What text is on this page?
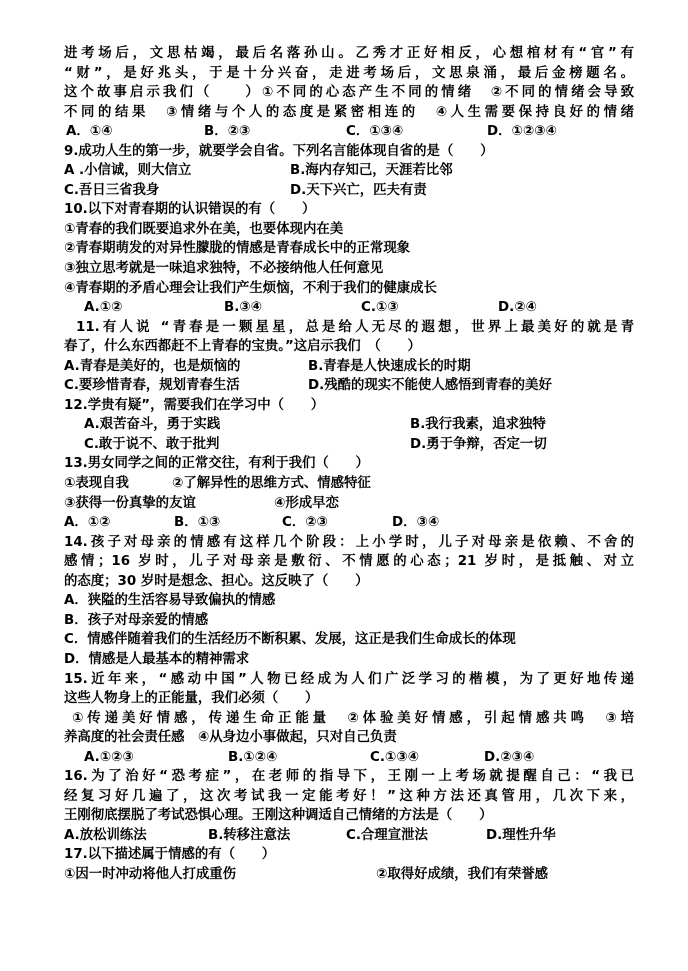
进考场后，文思枯竭，最后名落孙山。乙秀才正好相反，心想棺材有“官”有
“财”，是好兆头，于是十分兴奋，走进考场后，文思泉涌，最后金榜题名。
这个故事启示我们（　　）①不同的心态产生不同的情绪　②不同的情绪会导致
不同的结果　③情绪与个人的态度是紧密相连的　④人生需要保持良好的情绪
A．①④	B．②③	C．①③④	D．①②③④
9.成功人生的第一步，就要学会自省。下列名言能体现自省的是（　　）
A .小信诚，则大信立	B.海内存知己，天涯若比邻
C.吾日三省我身	D.天下兴亡，匹夫有责
10.以下对青春期的认识错误的有（　　）
①青春的我们既要追求外在美，也要体现内在美
②青春期萌发的对异性朦胧的情感是青春成长中的正常现象
③独立思考就是一味追求独特，不必接纳他人任何意见
④青春期的矛盾心理会让我们产生烦恼，不利于我们的健康成长
A.①②	B.③④	C.①③	D.②④
11.有人说 “青春是一颗星星，总是给人无尽的遐想，世界上最美好的就是青
春了，什么东西都赶不上青春的宝贵。”这启示我们　（　　）
A.青春是美好的，也是烦恼的	B.青春是人快速成长的时期
C.要珍惜青春，规划青春生活	D.残酷的现实不能使人感悟到青春的美好
12.学贵有疑”，需要我们在学习中（　　）
A.艰苦奋斗，勇于实践	B.我行我素，追求独特
C.敢于说不、敢于批判	D.勇于争辩，否定一切
13.男女同学之间的正常交往，有利于我们（　　）
①表现自我	②了解异性的思维方式、情感特征
③获得一份真挚的友谊	④形成早恋
A．①②	B．①③	C．②③	D．③④
14.孩子对母亲的情感有这样几个阶段：上小学时，儿子对母亲是依赖、不舍的
感情；16 岁时，儿子对母亲是敷衍、不情愿的心态；21 岁时，是抵触、对立
的态度；30 岁时是想念、担心。这反映了（　　）
A．狭隘的生活容易导致偏执的情感
B．孩子对母亲爱的情感
C．情感伴随着我们的生活经历不断积累、发展，这正是我们生命成长的体现
D．情感是人最基本的精神需求
15.近年来，“感动中国”人物已经成为人们广泛学习的楷模，为了更好地传递
这些人物身上的正能量，我们必须（　　）
①传递美好情感，传递生命正能量　②体验美好情感，引起情感共鸣　③培
养高度的社会责任感　④从身边小事做起，只对自己负责
A.①②③	B.①②④	C.①③④	D.②③④
16.为了治好“恐考症”，在老师的指导下，王刚一上考场就提醒自己：“我已
经复习好几遍了，这次考试我一定能考好！”这种方法还真管用，几次下来，
王刚彻底摆脱了考试恐惧心理。王刚这种调适自己情绪的方法是（　　）
A.放松训练法	B.转移注意法	C.合理宣泄法	D.理性升华
17.以下描述属于情感的有（　　）
①因一时冲动将他人打成重伤	②取得好成绩，我们有荣誉感
